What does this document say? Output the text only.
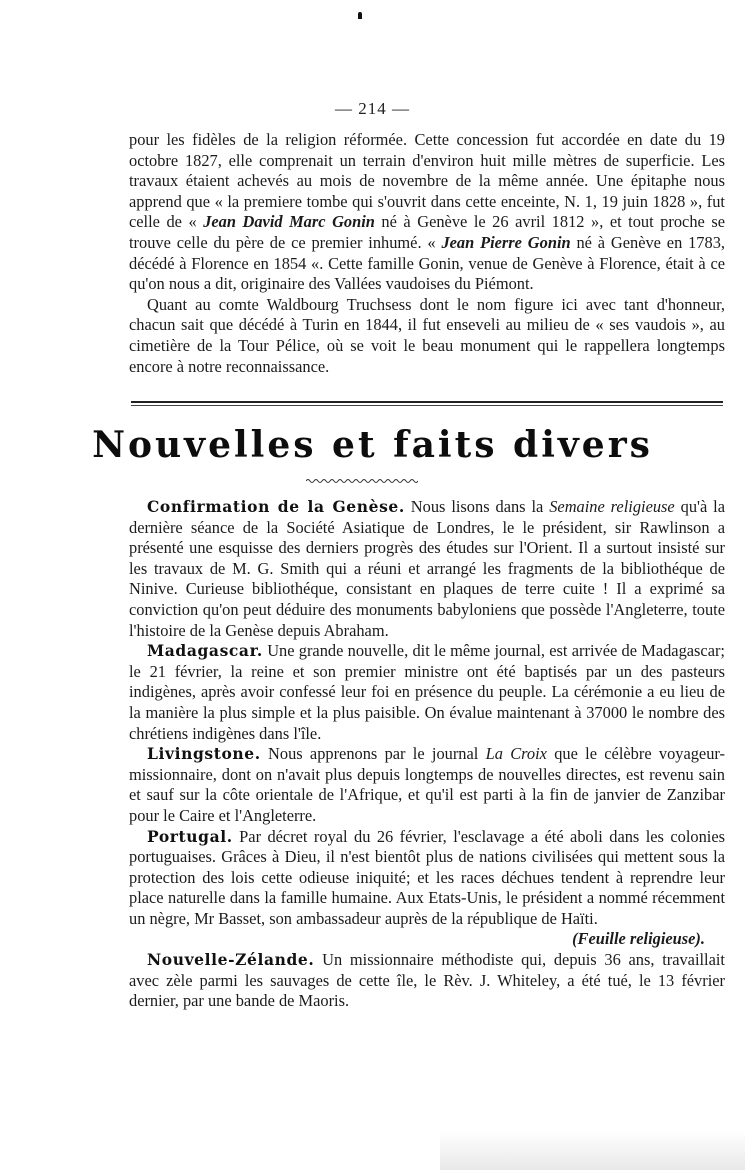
— 214 —

pour les fidèles de la religion réformée. Cette concession fut accordée en date du 19 octobre 1827, elle comprenait un terrain d'environ huit mille mètres de superficie. Les travaux étaient achevés au mois de novembre de la même année. Une épitaphe nous apprend que « la premiere tombe qui s'ouvrit dans cette enceinte, N. 1, 19 juin 1828 », fut celle de « Jean David Marc Gonin né à Genève le 26 avril 1812 », et tout proche se trouve celle du père de ce premier inhumé. « Jean Pierre Gonin né à Genève en 1783, décédé à Florence en 1854 «. Cette famille Gonin, venue de Genève à Florence, était à ce qu'on nous a dit, originaire des Vallées vaudoises du Piémont.

Quant au comte Waldbourg Truchsess dont le nom figure ici avec tant d'honneur, chacun sait que décédé à Turin en 1844, il fut enseveli au milieu de « ses vaudois », au cimetière de la Tour Pélice, où se voit le beau monument qui le rappellera longtemps encore à notre reconnaissance.

Nouvelles et faits divers

Confirmation de la Genèse. Nous lisons dans la Semaine religieuse qu'à la dernière séance de la Société Asiatique de Londres, le le président, sir Rawlinson a présenté une esquisse des derniers progrès des études sur l'Orient. Il a surtout insisté sur les travaux de M. G. Smith qui a réuni et arrangé les fragments de la bibliothéque de Ninive. Curieuse bibliothéque, consistant en plaques de terre cuite ! Il a exprimé sa conviction qu'on peut déduire des monuments babyloniens que possède l'Angleterre, toute l'histoire de la Genèse depuis Abraham.

Madagascar. Une grande nouvelle, dit le même journal, est arrivée de Madagascar; le 21 février, la reine et son premier ministre ont été baptisés par un des pasteurs indigènes, après avoir confessé leur foi en présence du peuple. La cérémonie a eu lieu de la manière la plus simple et la plus paisible. On évalue maintenant à 37000 le nombre des chrétiens indigènes dans l'île.

Livingstone. Nous apprenons par le journal La Croix que le célèbre voyageur-missionnaire, dont on n'avait plus depuis longtemps de nouvelles directes, est revenu sain et sauf sur la côte orientale de l'Afrique, et qu'il est parti à la fin de janvier de Zanzibar pour le Caire et l'Angleterre.

Portugal. Par décret royal du 26 février, l'esclavage a été aboli dans les colonies portuguaises. Grâces à Dieu, il n'est bientôt plus de nations civilisées qui mettent sous la protection des lois cette odieuse iniquité; et les races déchues tendent à reprendre leur place naturelle dans la famille humaine. Aux Etats-Unis, le président a nommé récemment un nègre, Mr Basset, son ambassadeur auprès de la république de Haïti.
(Feuille religieuse).

Nouvelle-Zélande. Un missionnaire méthodiste qui, depuis 36 ans, travaillait avec zèle parmi les sauvages de cette île, le Rèv. J. Whiteley, a été tué, le 13 février dernier, par une bande de Maoris.
